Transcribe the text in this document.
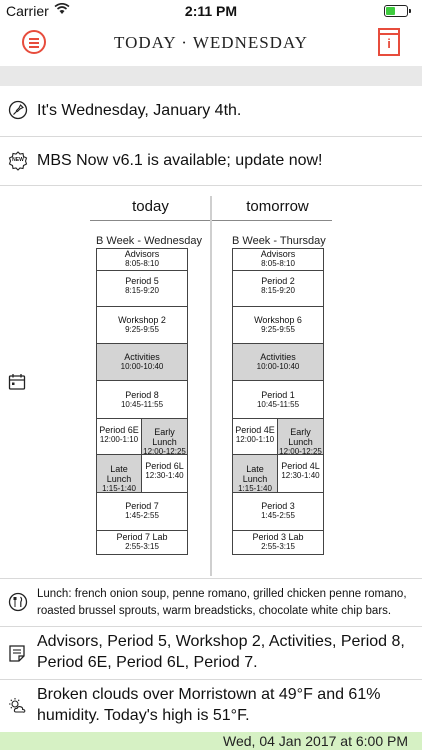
Carrier	2:11 PM
TODAY · WEDNESDAY	i
It's Wednesday, January 4th.
NEW MBS Now v6.1 is available; update now!
today
B Week - Wednesday
Advisors
8:05-8:10
Period 5
8:15-9:20
Workshop 2
9:25-9:55
Activities
10:00-10:40
Period 8
10:45-11:55
Period 6E
12:00-1:10
Early Lunch
12:00-12:25
Late Lunch
1:15-1:40
Period 6L
12:30-1:40
Period 7
1:45-2:55
Period 7 Lab
2:55-3:15
tomorrow
B Week - Thursday
Advisors
8:05-8:10
Period 2
8:15-9:20
Workshop 6
9:25-9:55
Activities
10:00-10:40
Period 1
10:45-11:55
Period 4E
12:00-1:10
Early Lunch
12:00-12:25
Late Lunch
1:15-1:40
Period 4L
12:30-1:40
Period 3
1:45-2:55
Period 3 Lab
2:55-3:15
Lunch: french onion soup, penne romano, grilled chicken penne romano, roasted brussel sprouts, warm breadsticks, chocolate white chip bars.
Advisors, Period 5, Workshop 2, Activities, Period 8, Period 6E, Period 6L, Period 7.
Broken clouds over Morristown at 49°F and 61% humidity. Today's high is 51°F.
Wed, 04 Jan 2017 at 6:00 PM
